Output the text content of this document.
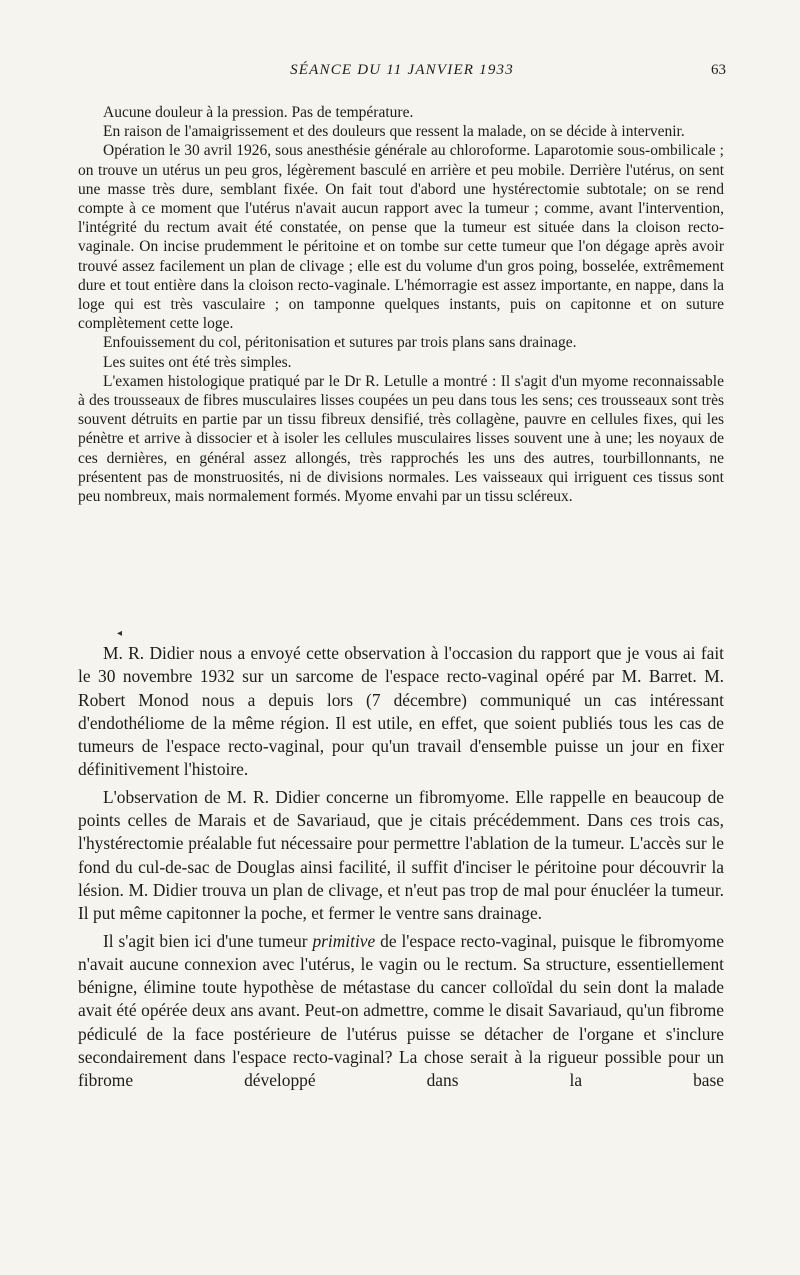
SÉANCE DU 11 JANVIER 1933	63

Aucune douleur à la pression. Pas de température.

En raison de l'amaigrissement et des douleurs que ressent la malade, on se décide à intervenir.

Opération le 30 avril 1926, sous anesthésie générale au chloroforme. Laparotomie sous-ombilicale ; on trouve un utérus un peu gros, légèrement basculé en arrière et peu mobile. Derrière l'utérus, on sent une masse très dure, semblant fixée. On fait tout d'abord une hystérectomie subtotale; on se rend compte à ce moment que l'utérus n'avait aucun rapport avec la tumeur ; comme, avant l'intervention, l'intégrité du rectum avait été constatée, on pense que la tumeur est située dans la cloison recto-vaginale. On incise prudemment le péritoine et on tombe sur cette tumeur que l'on dégage après avoir trouvé assez facilement un plan de clivage ; elle est du volume d'un gros poing, bosselée, extrêmement dure et tout entière dans la cloison recto-vaginale. L'hémorragie est assez importante, en nappe, dans la loge qui est très vasculaire ; on tamponne quelques instants, puis on capitonne et on suture complètement cette loge.

Enfouissement du col, péritonisation et sutures par trois plans sans drainage.

Les suites ont été très simples.

L'examen histologique pratiqué par le Dr R. Letulle a montré : Il s'agit d'un myome reconnaissable à des trousseaux de fibres musculaires lisses coupées un peu dans tous les sens; ces trousseaux sont très souvent détruits en partie par un tissu fibreux densifié, très collagène, pauvre en cellules fixes, qui les pénètre et arrive à dissocier et à isoler les cellules musculaires lisses souvent une à une; les noyaux de ces dernières, en général assez allongés, très rapprochés les uns des autres, tourbillonnants, ne présentent pas de monstruosités, ni de divisions normales. Les vaisseaux qui irriguent ces tissus sont peu nombreux, mais normalement formés. Myome envahi par un tissu scléreux.

◂

M. R. Didier nous a envoyé cette observation à l'occasion du rapport que je vous ai fait le 30 novembre 1932 sur un sarcome de l'espace recto-vaginal opéré par M. Barret. M. Robert Monod nous a depuis lors (7 décembre) communiqué un cas intéressant d'endothéliome de la même région. Il est utile, en effet, que soient publiés tous les cas de tumeurs de l'espace recto-vaginal, pour qu'un travail d'ensemble puisse un jour en fixer définitivement l'histoire.

L'observation de M. R. Didier concerne un fibromyome. Elle rappelle en beaucoup de points celles de Marais et de Savariaud, que je citais précédemment. Dans ces trois cas, l'hystérectomie préalable fut nécessaire pour permettre l'ablation de la tumeur. L'accès sur le fond du cul-de-sac de Douglas ainsi facilité, il suffit d'inciser le péritoine pour découvrir la lésion. M. Didier trouva un plan de clivage, et n'eut pas trop de mal pour énucléer la tumeur. Il put même capitonner la poche, et fermer le ventre sans drainage.

Il s'agit bien ici d'une tumeur primitive de l'espace recto-vaginal, puisque le fibromyome n'avait aucune connexion avec l'utérus, le vagin ou le rectum. Sa structure, essentiellement bénigne, élimine toute hypothèse de métastase du cancer colloïdal du sein dont la malade avait été opérée deux ans avant. Peut-on admettre, comme le disait Savariaud, qu'un fibrome pédiculé de la face postérieure de l'utérus puisse se détacher de l'organe et s'inclure secondairement dans l'espace recto-vaginal? La chose serait à la rigueur possible pour un fibrome développé dans la base
